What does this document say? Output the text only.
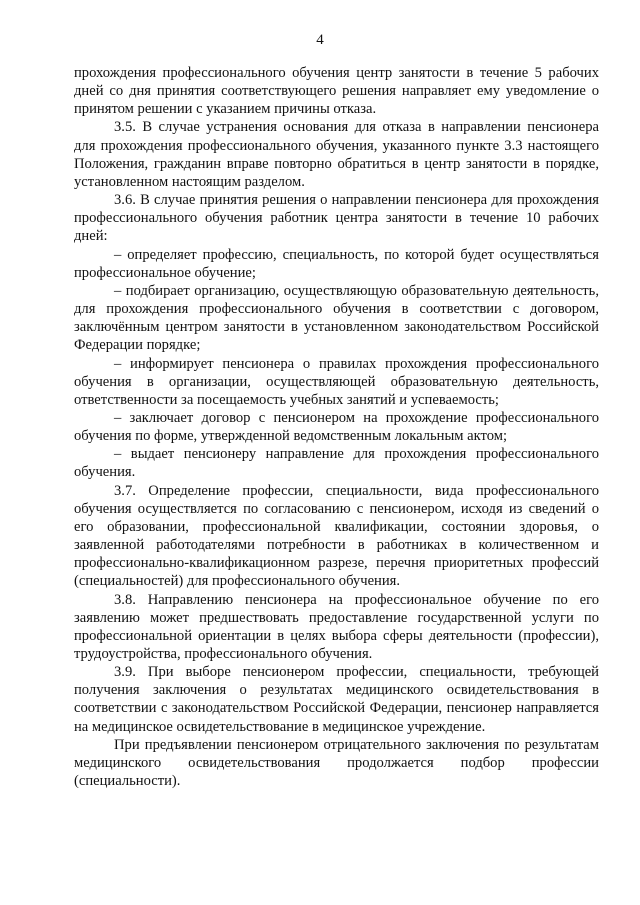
4

прохождения профессионального обучения центр занятости в течение 5 рабочих дней со дня принятия соответствующего решения направляет ему уведомление о принятом решении с указанием причины отказа.

3.5. В случае устранения основания для отказа в направлении пенсионера для прохождения профессионального обучения, указанного пункте 3.3 настоящего Положения, гражданин вправе повторно обратиться в центр занятости в порядке, установленном настоящим разделом.

3.6. В случае принятия решения о направлении пенсионера для прохождения профессионального обучения работник центра занятости в течение 10 рабочих дней:

– определяет профессию, специальность, по которой будет осуществляться профессиональное обучение;

– подбирает организацию, осуществляющую образовательную деятельность, для прохождения профессионального обучения в соответствии с договором, заключённым центром занятости в установленном законодательством Российской Федерации порядке;

– информирует пенсионера о правилах прохождения профессионального обучения в организации, осуществляющей образовательную деятельность, ответственности за посещаемость учебных занятий и успеваемость;

– заключает договор с пенсионером на прохождение профессионального обучения по форме, утвержденной ведомственным локальным актом;

– выдает пенсионеру направление для прохождения профессионального обучения.

3.7. Определение профессии, специальности, вида профессионального обучения осуществляется по согласованию с пенсионером, исходя из сведений о его образовании, профессиональной квалификации, состоянии здоровья, о заявленной работодателями потребности в работниках в количественном и профессионально-квалификационном разрезе, перечня приоритетных профессий (специальностей) для профессионального обучения.

3.8. Направлению пенсионера на профессиональное обучение по его заявлению может предшествовать предоставление государственной услуги по профессиональной ориентации в целях выбора сферы деятельности (профессии), трудоустройства, профессионального обучения.

3.9. При выборе пенсионером профессии, специальности, требующей получения заключения о результатах медицинского освидетельствования в соответствии с законодательством Российской Федерации, пенсионер направляется на медицинское освидетельствование в медицинское учреждение.

При предъявлении пенсионером отрицательного заключения по результатам медицинского освидетельствования продолжается подбор профессии (специальности).
